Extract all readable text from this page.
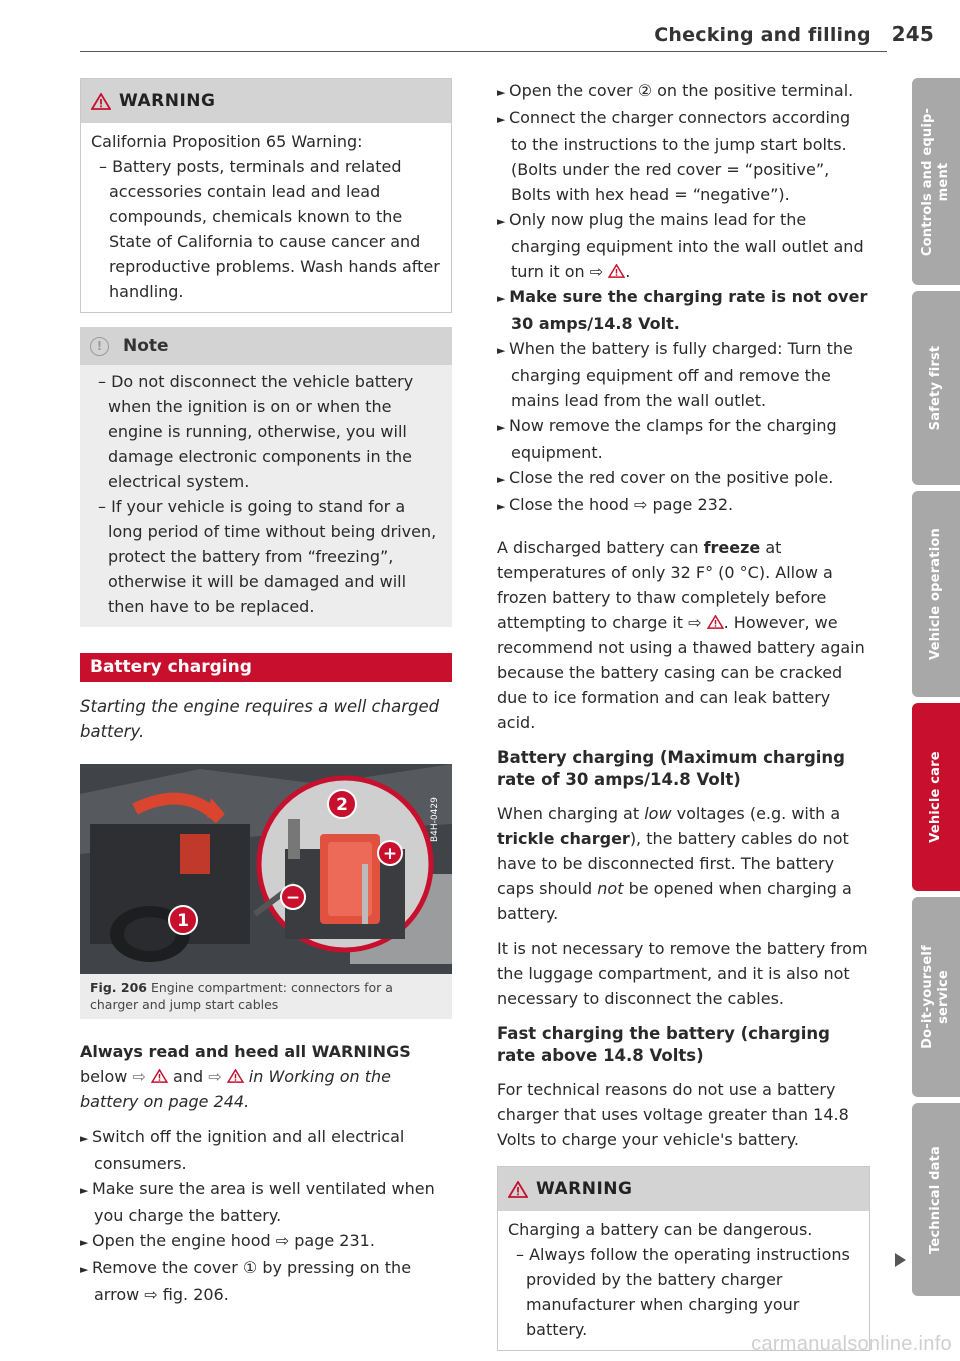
Checking and filling 245
WARNING
California Proposition 65 Warning:
– Battery posts, terminals and related accessories contain lead and lead compounds, chemicals known to the State of California to cause cancer and reproductive problems. Wash hands after handling.
!	Note
– Do not disconnect the vehicle battery when the ignition is on or when the engine is running, otherwise, you will damage electronic components in the electrical system.
– If your vehicle is going to stand for a long period of time without being driven, protect the battery from “freezing”, otherwise it will be damaged and will then have to be replaced.
Battery charging
Starting the engine requires a well charged battery.
B4H-0429
2
1
+
−
Fig. 206 Engine compartment: connectors for a charger and jump start cables
Always read and heed all WARNINGS below ⇨  and ⇨  in Working on the battery on page 244.
► Switch off the ignition and all electrical consumers.
► Make sure the area is well ventilated when you charge the battery.
► Open the engine hood ⇨ page 231.
► Remove the cover ① by pressing on the arrow ⇨ fig. 206.
► Open the cover ② on the positive terminal.
► Connect the charger connectors according to the instructions to the jump start bolts. (Bolts under the red cover = “positive”, Bolts with hex head = “negative”).
► Only now plug the mains lead for the charging equipment into the wall outlet and turn it on ⇨ .
► Make sure the charging rate is not over 30 amps/14.8 Volt.
► When the battery is fully charged: Turn the charging equipment off and remove the mains lead from the wall outlet.
► Now remove the clamps for the charging equipment.
► Close the red cover on the positive pole.
► Close the hood ⇨ page 232.
A discharged battery can freeze at temperatures of only 32 F° (0 °C). Allow a frozen battery to thaw completely before attempting to charge it ⇨ . However, we recommend not using a thawed battery again because the battery casing can be cracked due to ice formation and can leak battery acid.
Battery charging (Maximum charging rate of 30 amps/14.8 Volt)
When charging at low voltages (e.g. with a trickle charger), the battery cables do not have to be disconnected first. The battery caps should not be opened when charging a battery.
It is not necessary to remove the battery from the luggage compartment, and it is also not necessary to disconnect the cables.
Fast charging the battery (charging rate above 14.8 Volts)
For technical reasons do not use a battery charger that uses voltage greater than 14.8 Volts to charge your vehicle's battery.
WARNING
Charging a battery can be dangerous.
– Always follow the operating instructions provided by the battery charger manufacturer when charging your battery.
Controls and equip-
ment
Safety first
Vehicle operation
Vehicle care
Do-it-yourself
service
Technical data
carmanualsonline.info
